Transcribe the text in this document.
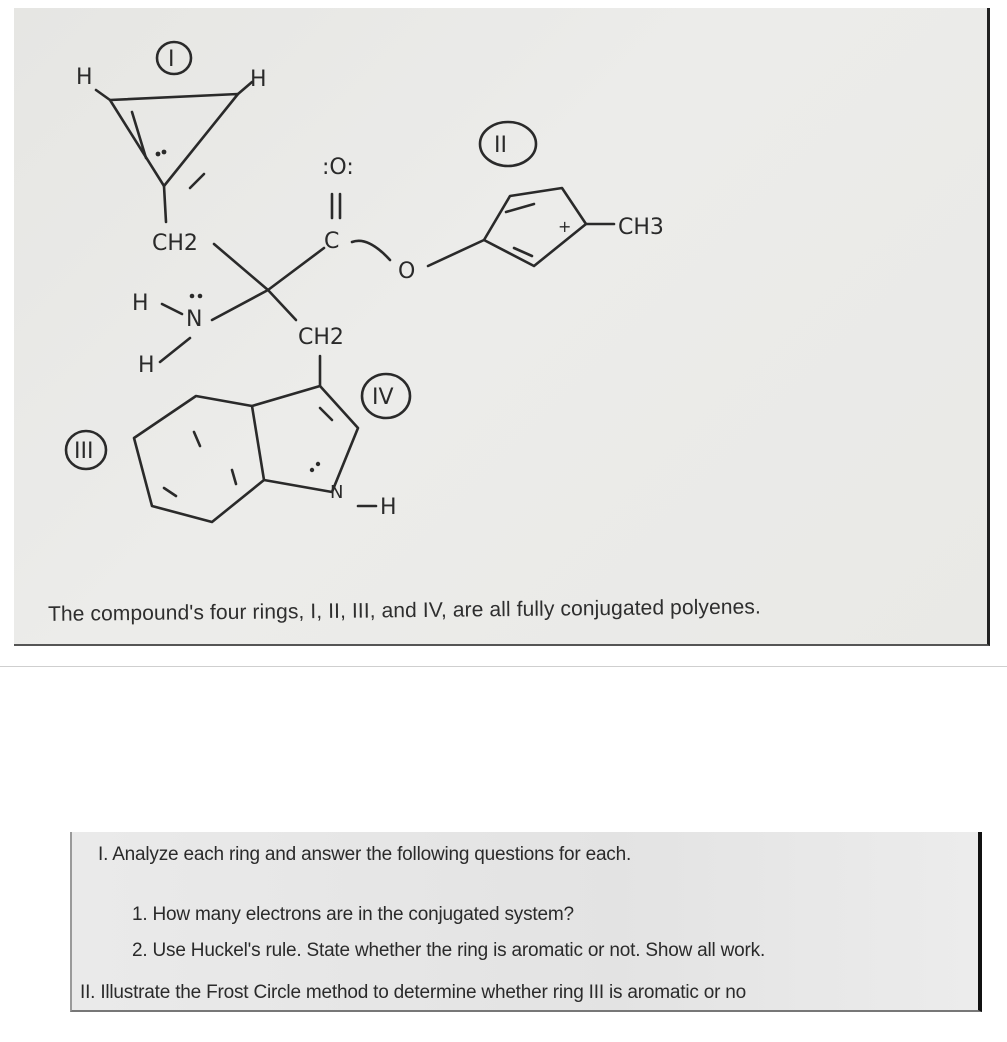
I
H	H
CH2
:O:
C
O
+ CH3
II
H
N
H
CH2
III
N
H
IV
The compound's four rings, I, II, III, and IV, are all fully conjugated polyenes.
I. Analyze each ring and answer the following questions for each.
1. How many electrons are in the conjugated system?
2. Use Huckel's rule. State whether the ring is aromatic or not. Show all work.
II. Illustrate the Frost Circle method to determine whether ring III is aromatic or no
